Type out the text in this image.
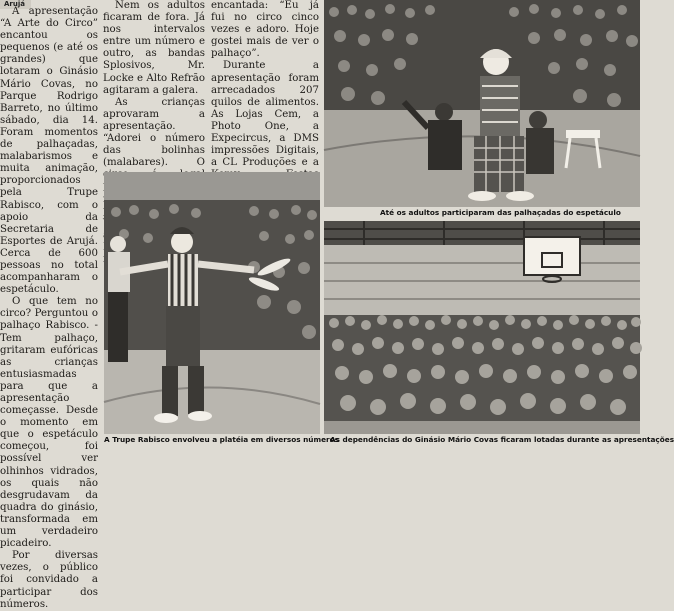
Arujá

A apresentação “A Arte do Circo” encantou os pequenos (e até os grandes) que lotaram o Ginásio Mário Covas, no Parque Rodrigo Barreto, no último sábado, dia 14. Foram momentos de palhaçadas, malabarismos e muita animação, proporcionados pela Trupe Rabisco, com o apoio da Secretaria de Esportes de Arujá. Cerca de 600 pessoas no total acompanharam o espetáculo.

O que tem no circo? Perguntou o palhaço Rabisco. - Tem palhaço, gritaram eufóricas as crianças entusiasmadas para que a apresentação começasse. Desde o momento em que o espetáculo começou, foi possível ver olhinhos vidrados, os quais não desgrudavam da quadra do ginásio, transformada em um verdadeiro picadeiro.

Por diversas vezes, o público foi convidado a participar dos números.

Nem os adultos ficaram de fora. Já nos intervalos entre um número e outro, as bandas Splosivos, Mr. Locke e Alto Refrão agitaram a galera.

As crianças aprovaram a apresentação. “Adorei o número das bolinhas (malabares). O

encantada: “Eu já fui no circo cinco vezes e adoro. Hoje gostei mais de ver o palhaço”.

Durante a apresentação foram arrecadados 207 quilos de alimentos. As Lojas Cem, a Photo One, a Expecircus, a DMS impressões Digitais, a CL Produções e a

A Trupe Rabisco envolveu a platéia em diversos números
Até os adultos participaram das palhaçadas do espetáculo
As dependências do Ginásio Mário Covas ficaram lotadas durante as apresentações
